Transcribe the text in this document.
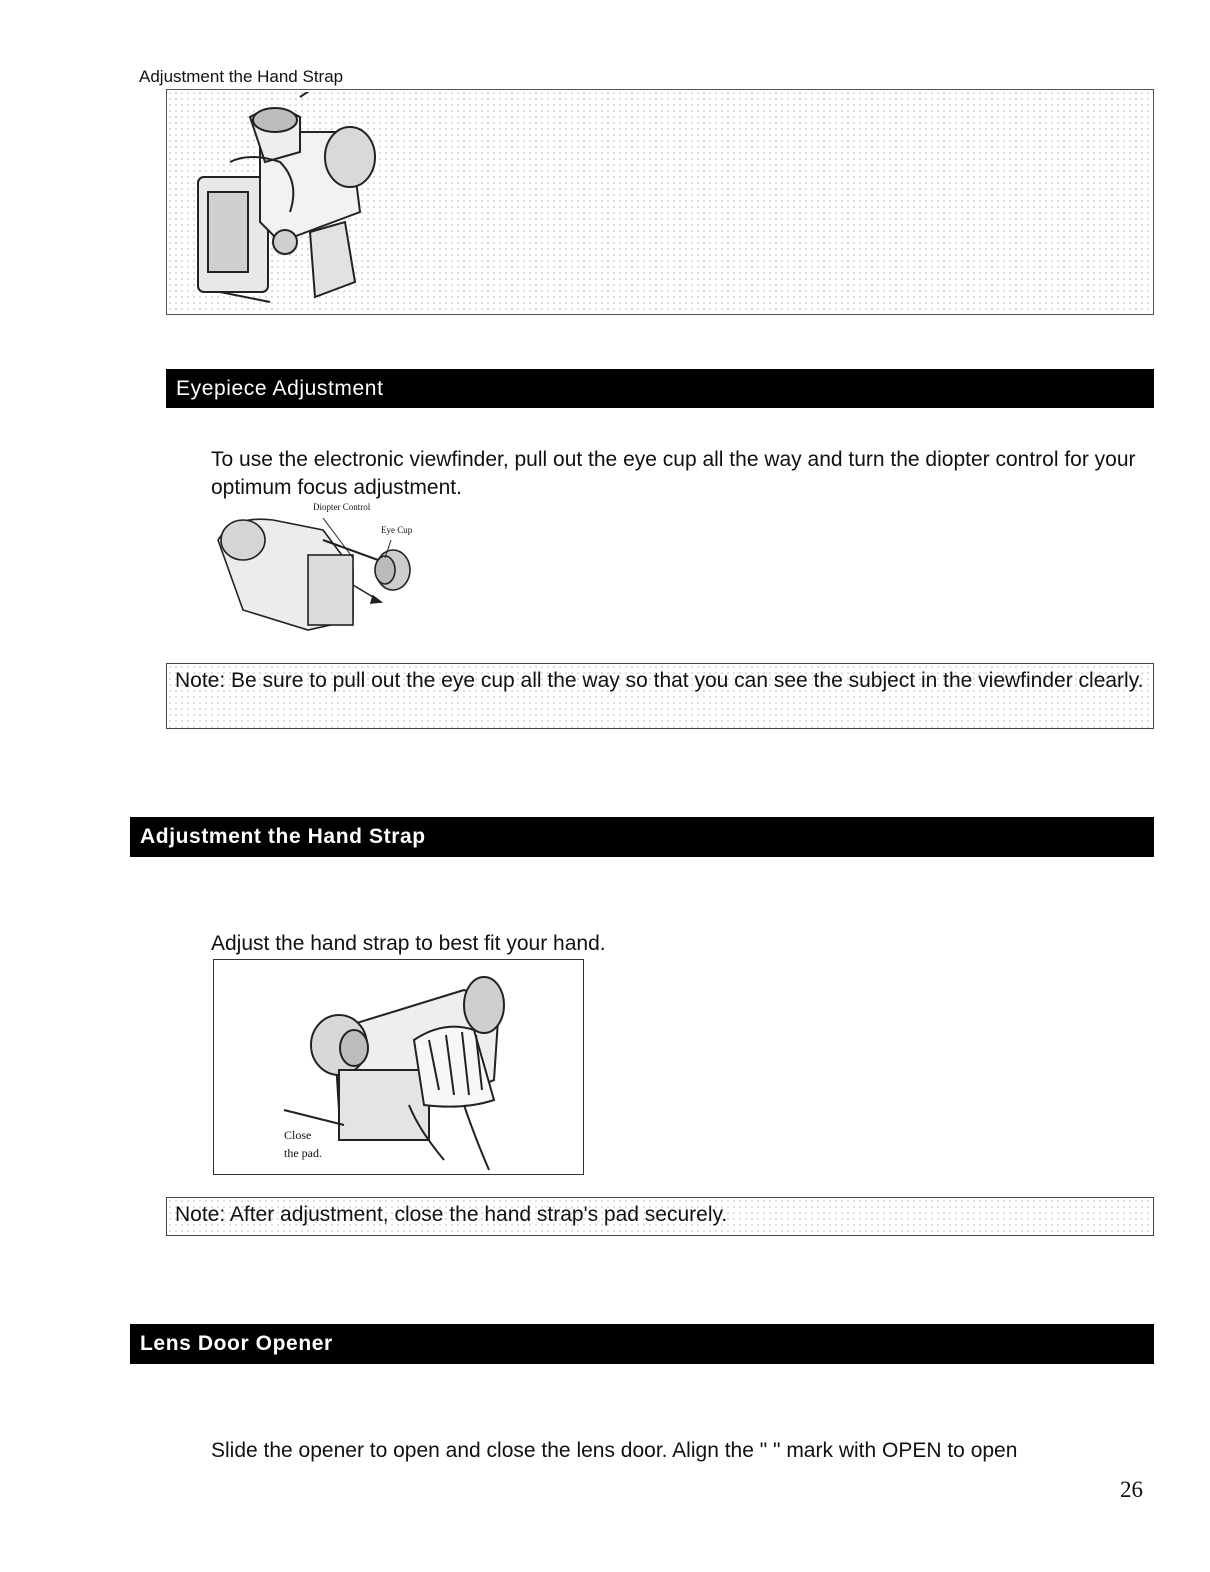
Adjustment the Hand Strap
Eyepiece Adjustment
To use the electronic viewfinder, pull out the eye cup all the way and turn the diopter control for your optimum focus adjustment.
Diopter Control
Eye Cup
Note: Be sure to pull out the eye cup all the way so that you can see the subject in the viewfinder clearly.
Adjustment the Hand Strap
Adjust the hand strap to best fit your hand.
Close
the pad.
Note: After adjustment, close the hand strap's pad securely.
Lens Door Opener
Slide the opener to open and close the lens door. Align the " " mark with OPEN to open
26
